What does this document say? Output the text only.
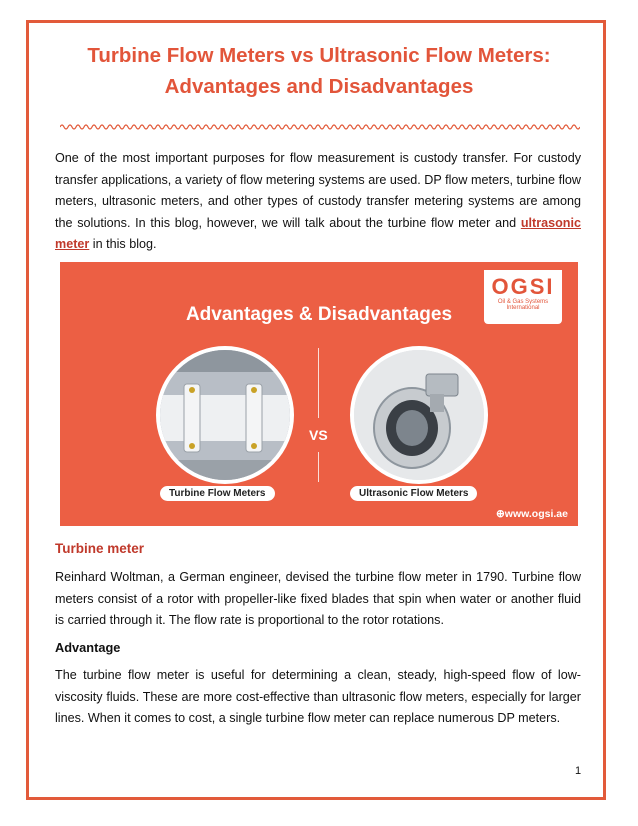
Turbine Flow Meters vs Ultrasonic Flow Meters:
Advantages and Disadvantages
One of the most important purposes for flow measurement is custody transfer. For custody transfer applications, a variety of flow metering systems are used. DP flow meters, turbine flow meters, ultrasonic meters, and other types of custody transfer metering systems are among the solutions. In this blog, however, we will talk about the turbine flow meter and ultrasonic meter in this blog.
OGSI
Oil & Gas Systems International
Advantages & Disadvantages
VS
Turbine Flow Meters	Ultrasonic Flow Meters
⊕www.ogsi.ae
Turbine meter
Reinhard Woltman, a German engineer, devised the turbine flow meter in 1790. Turbine flow meters consist of a rotor with propeller-like fixed blades that spin when water or another fluid is carried through it. The flow rate is proportional to the rotor rotations.
Advantage
The turbine flow meter is useful for determining a clean, steady, high-speed flow of low-viscosity fluids. These are more cost-effective than ultrasonic flow meters, especially for larger lines. When it comes to cost, a single turbine flow meter can replace numerous DP meters.
1
